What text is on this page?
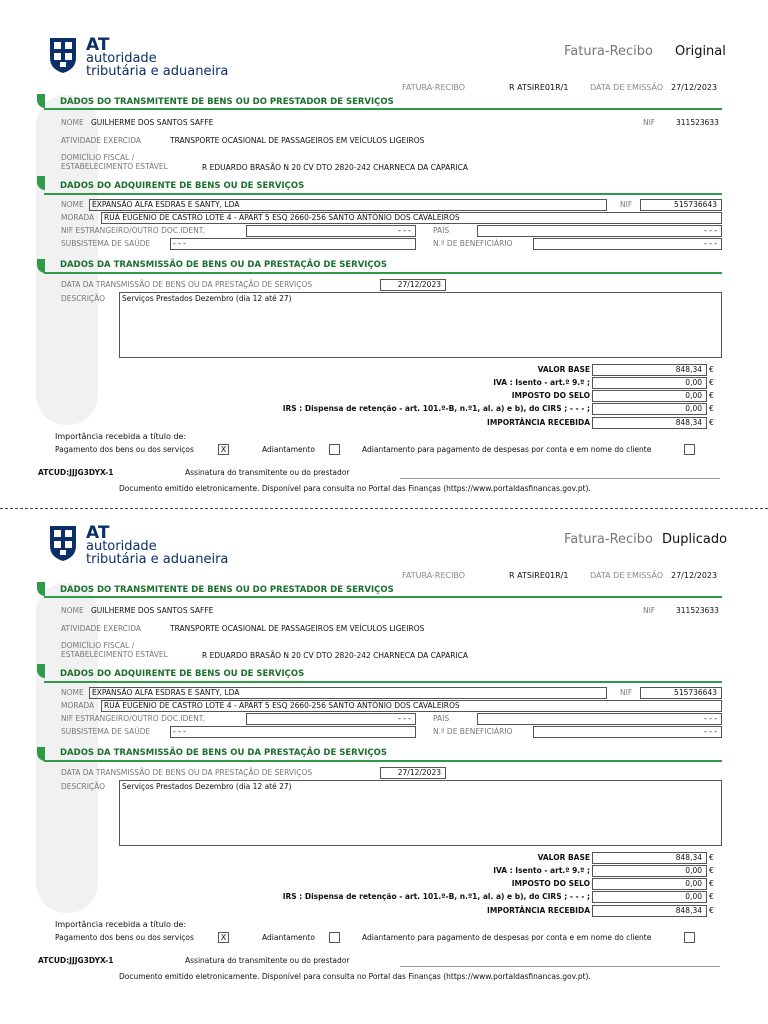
AT
autoridade
tributária e aduaneira
Fatura-Recibo Original
FATURA-RECIBO	R ATSIRE01R/1	DATA DE EMISSÃO 27/12/2023
DADOS DO TRANSMITENTE DE BENS OU DO PRESTADOR DE SERVIÇOS
NOME GUILHERME DOS SANTOS SAFFE	NIF	311523633
ATIVIDADE EXERCIDA	TRANSPORTE OCASIONAL DE PASSAGEIROS EM VEÍCULOS LIGEIROS
DOMICÍLIO FISCAL /
ESTABELECIMENTO ESTÁVEL	R EDUARDO BRASÃO N 20 CV DTO 2820-242 CHARNECA DA CAPARICA
DADOS DO ADQUIRENTE DE BENS OU DE SERVIÇOS
NOME	EXPANSÃO ALFA ESDRAS E SANTY, LDA	NIF	515736643
MORADA	RUA EUGENIO DE CASTRO LOTE 4 - APART 5 ESQ 2660-256 SANTO ANTÓNIO DOS CAVALEIROS
NIF ESTRANGEIRO/OUTRO DOC.IDENT.	- - -	PAÍS	- - -
SUBSISTEMA DE SAÚDE	- - -	N.º DE BENEFICIÁRIO	- - -
DADOS DA TRANSMISSÃO DE BENS OU DA PRESTAÇÃO DE SERVIÇOS
DATA DA TRANSMISSÃO DE BENS OU DA PRESTAÇÃO DE SERVIÇOS	27/12/2023
DESCRIÇÃO	Serviços Prestados Dezembro (dia 12 até 27)
VALOR BASE	848,34 €
IVA : Isento - art.º 9.º ;	0,00 €
IMPOSTO DO SELO	0,00 €
IRS : Dispensa de retenção - art. 101.º-B, n.º1, al. a) e b), do CIRS ; - - - ;	0,00 €
IMPORTÂNCIA RECEBIDA	848,34 €
Importância recebida a título de:
Pagamento dos bens ou dos serviços	X	Adiantamento	Adiantamento para pagamento de despesas por conta e em nome do cliente
ATCUD:JJJG3DYX-1	Assinatura do transmitente ou do prestador
Documento emitido eletronicamente. Disponível para consulta no Portal das Finanças (https://www.portaldasfinancas.gov.pt).
AT
autoridade
tributária e aduaneira
Fatura-Recibo Duplicado
FATURA-RECIBO	R ATSIRE01R/1	DATA DE EMISSÃO 27/12/2023
DADOS DO TRANSMITENTE DE BENS OU DO PRESTADOR DE SERVIÇOS
NOME GUILHERME DOS SANTOS SAFFE	NIF	311523633
ATIVIDADE EXERCIDA	TRANSPORTE OCASIONAL DE PASSAGEIROS EM VEÍCULOS LIGEIROS
DOMICÍLIO FISCAL /
ESTABELECIMENTO ESTÁVEL	R EDUARDO BRASÃO N 20 CV DTO 2820-242 CHARNECA DA CAPARICA
DADOS DO ADQUIRENTE DE BENS OU DE SERVIÇOS
NOME	EXPANSÃO ALFA ESDRAS E SANTY, LDA	NIF	515736643
MORADA	RUA EUGENIO DE CASTRO LOTE 4 - APART 5 ESQ 2660-256 SANTO ANTÓNIO DOS CAVALEIROS
NIF ESTRANGEIRO/OUTRO DOC.IDENT.	- - -	PAÍS	- - -
SUBSISTEMA DE SAÚDE	- - -	N.º DE BENEFICIÁRIO	- - -
DADOS DA TRANSMISSÃO DE BENS OU DA PRESTAÇÃO DE SERVIÇOS
DATA DA TRANSMISSÃO DE BENS OU DA PRESTAÇÃO DE SERVIÇOS	27/12/2023
DESCRIÇÃO	Serviços Prestados Dezembro (dia 12 até 27)
VALOR BASE	848,34 €
IVA : Isento - art.º 9.º ;	0,00 €
IMPOSTO DO SELO	0,00 €
IRS : Dispensa de retenção - art. 101.º-B, n.º1, al. a) e b), do CIRS ; - - - ;	0,00 €
IMPORTÂNCIA RECEBIDA	848,34 €
Importância recebida a título de:
Pagamento dos bens ou dos serviços	X	Adiantamento	Adiantamento para pagamento de despesas por conta e em nome do cliente
ATCUD:JJJG3DYX-1	Assinatura do transmitente ou do prestador
Documento emitido eletronicamente. Disponível para consulta no Portal das Finanças (https://www.portaldasfinancas.gov.pt).
